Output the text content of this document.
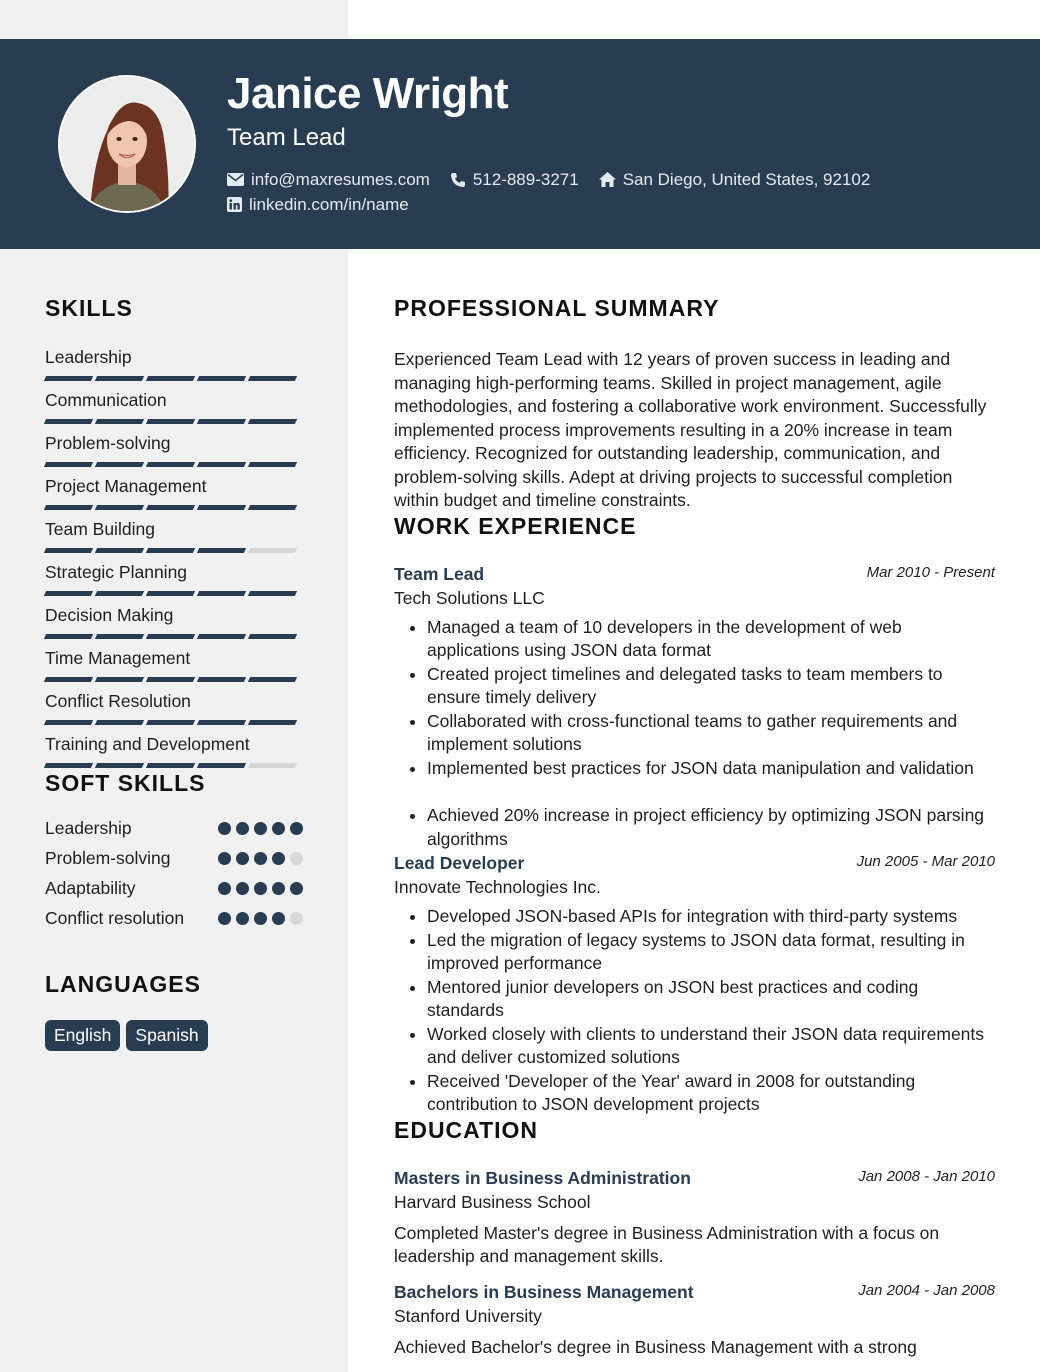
Janice Wright
Team Lead
info@maxresumes.com	512-889-3271	San Diego, United States, 92102
linkedin.com/in/name
SKILLS
Leadership
Communication
Problem-solving
Project Management
Team Building
Strategic Planning
Decision Making
Time Management
Conflict Resolution
Training and Development
SOFT SKILLS
Leadership
Problem-solving
Adaptability
Conflict resolution
LANGUAGES
English	Spanish
PROFESSIONAL SUMMARY

Experienced Team Lead with 12 years of proven success in leading and managing high-performing teams. Skilled in project management, agile methodologies, and fostering a collaborative work environment. Successfully implemented process improvements resulting in a 20% increase in team efficiency. Recognized for outstanding leadership, communication, and problem-solving skills. Adept at driving projects to successful completion within budget and timeline constraints.

WORK EXPERIENCE
Team Lead	Mar 2010 - Present
Tech Solutions LLC
• Managed a team of 10 developers in the development of web applications using JSON data format
• Created project timelines and delegated tasks to team members to ensure timely delivery
• Collaborated with cross-functional teams to gather requirements and implement solutions
• Implemented best practices for JSON data manipulation and validation
• Achieved 20% increase in project efficiency by optimizing JSON parsing algorithms
Lead Developer	Jun 2005 - Mar 2010
Innovate Technologies Inc.
• Developed JSON-based APIs for integration with third-party systems
• Led the migration of legacy systems to JSON data format, resulting in improved performance
• Mentored junior developers on JSON best practices and coding standards
• Worked closely with clients to understand their JSON data requirements and deliver customized solutions
• Received 'Developer of the Year' award in 2008 for outstanding contribution to JSON development projects
EDUCATION
Masters in Business Administration	Jan 2008 - Jan 2010
Harvard Business School
Completed Master's degree in Business Administration with a focus on leadership and management skills.
Bachelors in Business Management	Jan 2004 - Jan 2008
Stanford University
Achieved Bachelor's degree in Business Management with a strong
